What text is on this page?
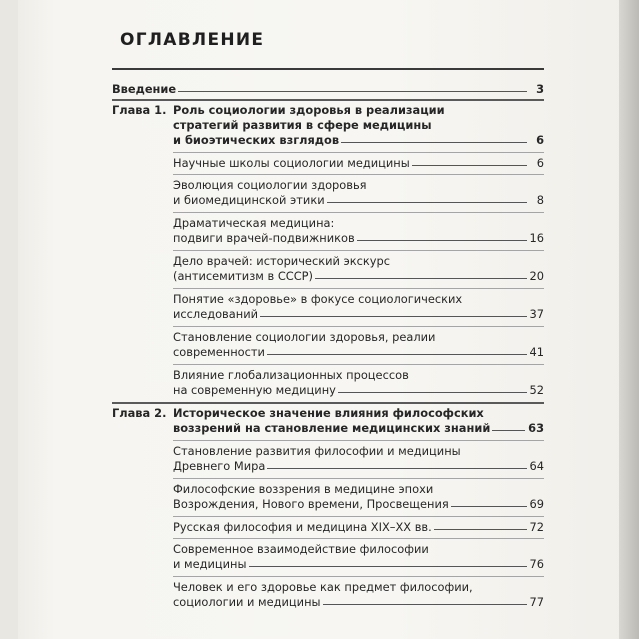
ОГЛАВЛЕНИЕ
Введение	3
Глава 1. Роль социологии здоровья в реализации
стратегий развития в сфере медицины
и биоэтических взглядов	6
Научные школы социологии медицины	6
Эволюция социологии здоровья
и биомедицинской этики	8
Драматическая медицина:
подвиги врачей-подвижников	16
Дело врачей: исторический экскурс
(антисемитизм в СССР)	20
Понятие «здоровье» в фокусе социологических
исследований	37
Становление социологии здоровья, реалии
современности	41
Влияние глобализационных процессов
на современную медицину	52
Глава 2. Историческое значение влияния философских
воззрений на становление медицинских знаний	63
Становление развития философии и медицины
Древнего Мира	64
Философские воззрения в медицине эпохи
Возрождения, Нового времени, Просвещения	69
Русская философия и медицина XIX–XX вв.	72
Современное взаимодействие философии
и медицины	76
Человек и его здоровье как предмет философии,
социологии и медицины	77
